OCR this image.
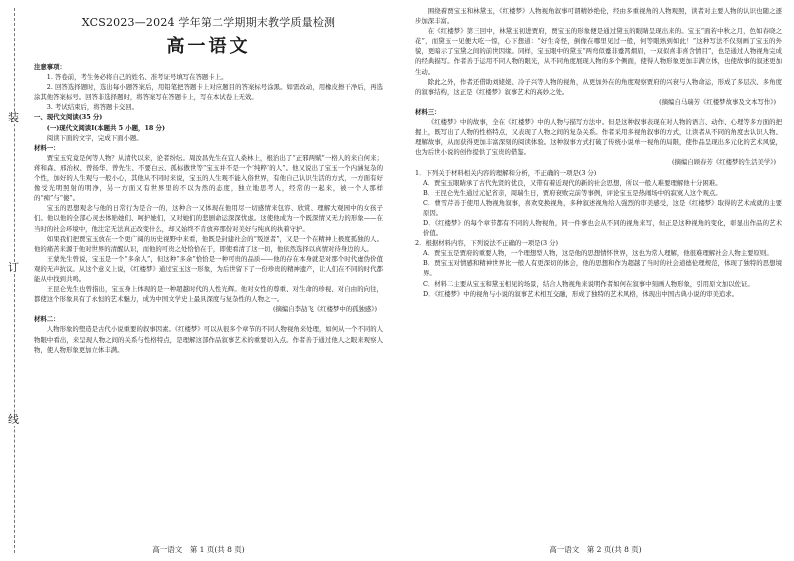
装
订
线
XCS2023—2024 学年第二学期期末教学质量检测
高一语文

注意事项：

1. 答卷前，考生务必将自己的姓名、准考证号填写在答题卡上。

2. 回答选择题时，选出每小题答案后，用铅笔把答题卡上对应题目的答案标号涂黑。如需改动，用橡皮擦干净后，再选涂其他答案标号。回答非选择题时，将答案写在答题卡上，写在本试卷上无效。

3. 考试结束后，将答题卡交回。

一、现代文阅读(35 分)

(一)现代文阅读Ⅰ(本题共 5 小题，18 分)

阅读下面的文字，完成下面小题。

材料一：

贾宝玉究竟是何等人物？从清代以来，论者纷纭。周汝昌先生在宜人桑林上，根治出了“正邪两赋”一格人的来自何来；蒋和森、邢治权、曾扬华、曾先生、不要白云、孤标傲世等“宝玉并不是一个‘纯粹’的人”。他又说出了宝玉一个内涵复杂的个性，加好的人生观与一般小心，其他从不同时来说，宝玉的人生观不能入俗世界，有他自己认识生活的方式，一方面有好像受光明照射的明净，另一方面又有世界里的不以为然的态度，独立地思考人，经常的一起来，被一个人那样的“痴”与“傻”。

宝玉的思想观念与他的日常行为是合一的，这种合一又体现在他用尽一切感情来包容、欣赏、理解大观园中的女孩子们。他以他的全部心灵去体贴她们、呵护她们，又对她们的悲剧命运深深忧虑。这使他成为一个既深情又无力的形象——在当时的社会环境中，他注定无法真正改变什么，却又始终不肯放弃那份对美好与纯真的执着守护。

如果我们把贾宝玉放在一个更广阔的历史视野中来看，他既是封建社会的“叛逆者”，又是一个在精神上极度孤独的人。他的痛苦来源于他对世界的清醒认识，而他的可贵之处恰恰在于，即使看清了这一切，他依然选择以真情对待身边的人。

王蒙先生曾说，宝玉是一个“多余人”，但这种“多余”恰恰是一种可贵的品质——他的存在本身就是对那个时代虚伪价值观的无声抗议。从这个意义上说，《红楼梦》通过宝玉这一形象，为后世留下了一份珍贵的精神遗产，让人们在不同的时代都能从中找到共鸣。

王昆仑先生也曾指出，宝玉身上体现的是一种超越时代的人性光辉。他对女性的尊重、对生命的珍视、对自由的向往，都使这个形象具有了永恒的艺术魅力，成为中国文学史上最具深度与复杂性的人物之一。

(摘编自李劼飞《红楼梦中的孤独感》)

材料二：

人物形象的塑造是古代小说重要的叙事因素。《红楼梦》可以从很多个章节的不同人物视角来处理，如何从一个不同的人物眼中看出，来呈现人物之间的关系与性格特点，是理解这部作品叙事艺术的重要切入点。作者善于通过他人之眼来观察人物，使人物形象更加立体丰满。

高一语文　第 1 页(共 8 页)

围绕着贾宝玉和林黛玉，《红楼梦》人物视角叙事可谓精妙绝伦，经由多重视角的人物观照，读者对主要人物的认识也随之逐步加深丰富。

在《红楼梦》第三回中，林黛玉初进贾府，贾宝玉的形象便是通过黛玉的眼睛呈现出来的。宝玉“面若中秋之月，色如春晓之花”，而黛玉一见便大吃一惊，心下想道：“好生奇怪，倒像在哪里见过一般，何等眼熟到如此！”这种写法不仅刻画了宝玉的外貌，更暗示了宝黛之间的前世因缘。同样，宝玉眼中的黛玉“两弯似蹙非蹙罥烟眉，一双似喜非喜含情目”，也是通过人物视角完成的经典描写。作者善于运用不同人物的眼光，从不同角度展现人物的多个侧面，使得人物形象更加丰满立体，也使故事的叙述更加生动。

除此之外，作者还借助刘姥姥、冷子兴等人物的视角，从更加外在的角度观察贾府的兴衰与人物命运，形成了多层次、多角度的叙事结构，这正是《红楼梦》叙事艺术的高妙之处。

(摘编自马瑞芳《红楼梦故事及文本写作》)

材料三：

《红楼梦》中的故事，全在《红楼梦》中的人物与描写方法中。但是这种叙事表现在对人物的语言、动作、心理等多方面的把握上，既写出了人物的性格特点，又表现了人物之间的复杂关系。作者采用多视角叙事的方式，让读者从不同的角度去认识人物、理解故事，从而获得更加丰富深刻的阅读体验。这种叙事方式打破了传统小说单一视角的局限，使作品呈现出多元化的艺术风貌，也为后世小说的创作提供了宝贵的借鉴。

(摘编自顾春芳《红楼梦的生活美学》)

1．下列关于材料相关内容的理解和分析，不正确的一项是(3 分)

A．贾宝玉眼睛承了古代先贤的优良，又带有着近现代的新的社会思想，所以一般人难要理解他十分困难。

B．王昆仑先生通过元妃省亲，周瑞生日，贾府衰败完前等事例，评论宝玉是热闹场中的寂寞人这个观点。

C．曹雪芹善于使用人物视角叙事，喜欢变换视角，多种叙述视角给人强烈的审美感受，这是《红楼梦》取得的艺术成就的主要原因。

D．《红楼梦》的每个章节都有不同的人物视角，同一件事也会从不同的视角来写，但正是这种视角的变化，彰显出作品的艺术价值。

2．根据材料内容，下列说法不正确的一项是(3 分)

A．贾宝玉是贾府的重要人物，一个理想型人物，这是他的思想情怀世界，这也为常人理解，他很难理解社会人物主要原则。

B．贾宝玉对情感和精神世界比一般人有更深切的体会，他的思想和作为超越了当时的社会道德伦理规范，体现了独特的思想境界。

C．材料二主要从宝玉和黛玉相见的场景，结合人物视角来说明作者如何在叙事中刻画人物形象，引用原文加以佐证。

D．《红楼梦》中的视角与小说的叙事艺术相互交融，形成了独特的艺术风格，体现出中国古典小说的审美追求。

高一语文　第 2 页(共 8 页)
